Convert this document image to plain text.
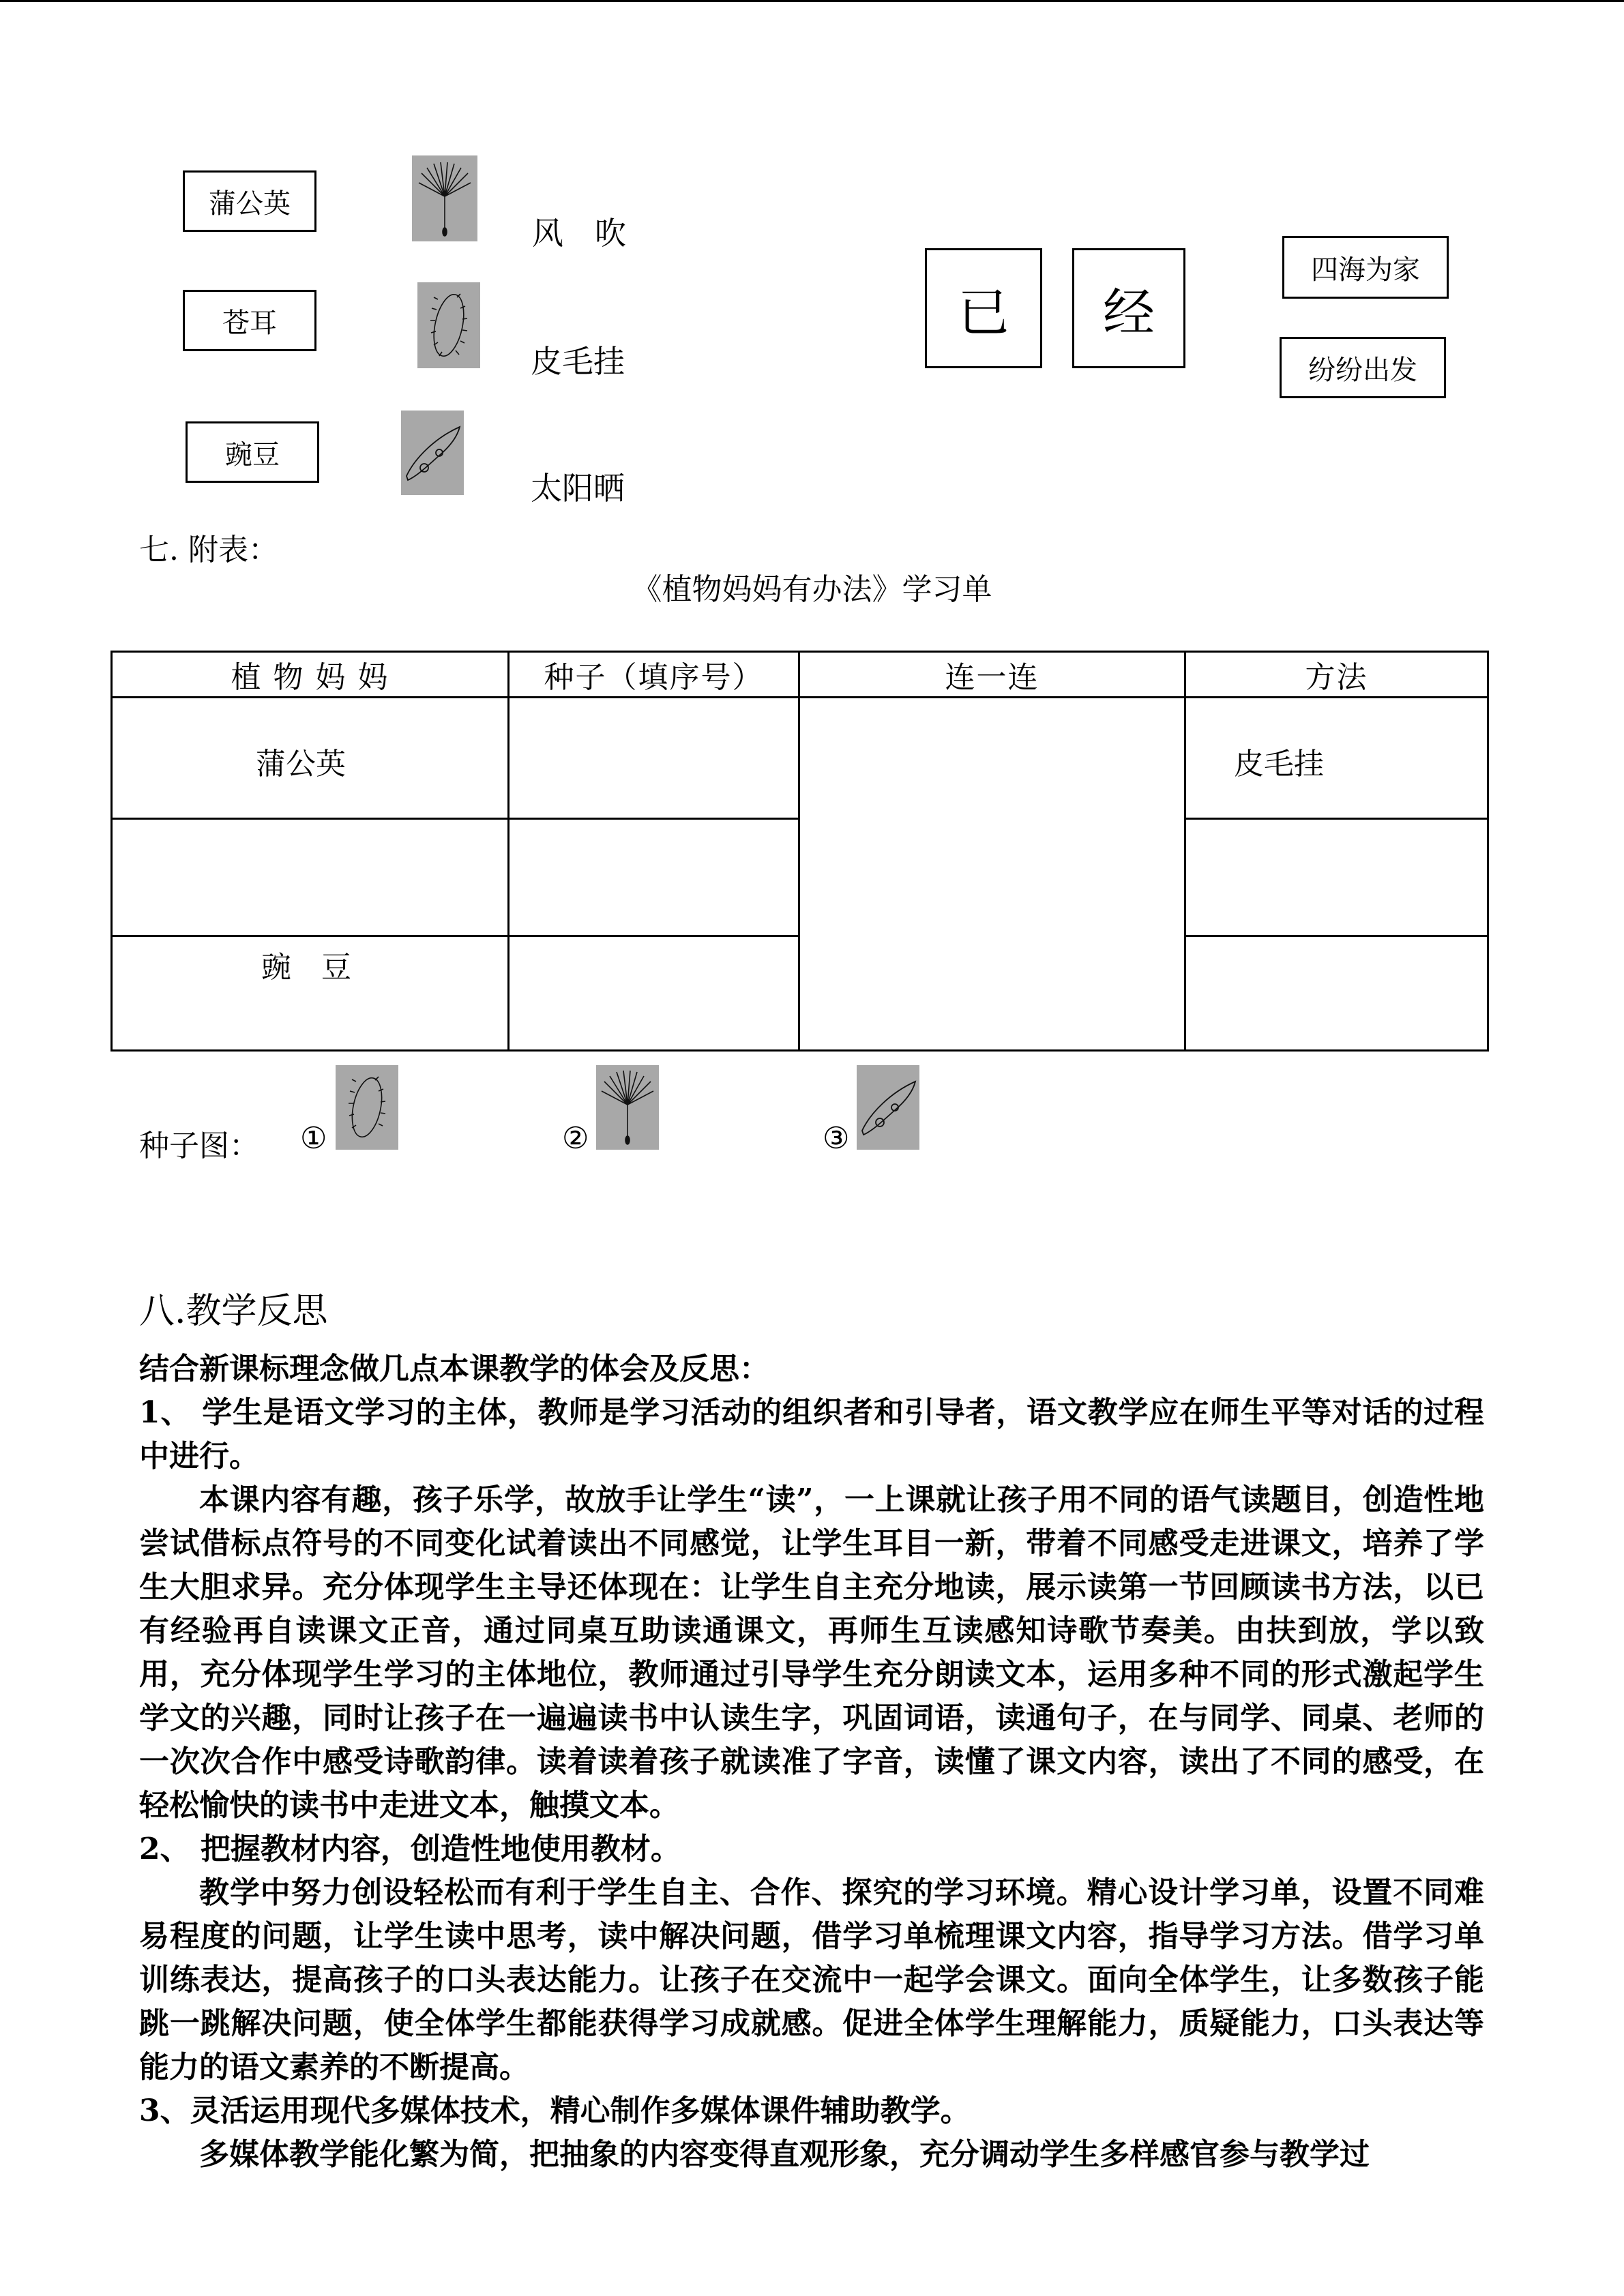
蒲公英
苍耳
豌豆
风　吹
皮毛挂
太阳晒
已 经
四海为家
纷纷出发
七. 附表：
《植物妈妈有办法》学习单
植 物 妈 妈	种子（填序号）	连一连	方法

蒲公英			皮毛挂

豌　豆			

种子图： ①	②	③
八.教学反思
结合新课标理念做几点本课教学的体会及反思：
1、 学生是语文学习的主体，教师是学习活动的组织者和引导者，语文教学应在师生平等对话的过程中进行。
本课内容有趣，孩子乐学，故放手让学生“读”，一上课就让孩子用不同的语气读题目，创造性地尝试借标点符号的不同变化试着读出不同感觉，让学生耳目一新，带着不同感受走进课文，培养了学生大胆求异。充分体现学生主导还体现在：让学生自主充分地读，展示读第一节回顾读书方法，以已有经验再自读课文正音，通过同桌互助读通课文，再师生互读感知诗歌节奏美。由扶到放，学以致用，充分体现学生学习的主体地位，教师通过引导学生充分朗读文本，运用多种不同的形式激起学生学文的兴趣，同时让孩子在一遍遍读书中认读生字，巩固词语，读通句子，在与同学、同桌、老师的一次次合作中感受诗歌韵律。读着读着孩子就读准了字音，读懂了课文内容，读出了不同的感受，在轻松愉快的读书中走进文本，触摸文本。
2、 把握教材内容，创造性地使用教材。
教学中努力创设轻松而有利于学生自主、合作、探究的学习环境。精心设计学习单，设置不同难易程度的问题，让学生读中思考，读中解决问题，借学习单梳理课文内容，指导学习方法。借学习单训练表达，提高孩子的口头表达能力。让孩子在交流中一起学会课文。面向全体学生，让多数孩子能跳一跳解决问题，使全体学生都能获得学习成就感。促进全体学生理解能力，质疑能力，口头表达等能力的语文素养的不断提高。
3、灵活运用现代多媒体技术，精心制作多媒体课件辅助教学。
多媒体教学能化繁为简，把抽象的内容变得直观形象，充分调动学生多样感官参与教学过
